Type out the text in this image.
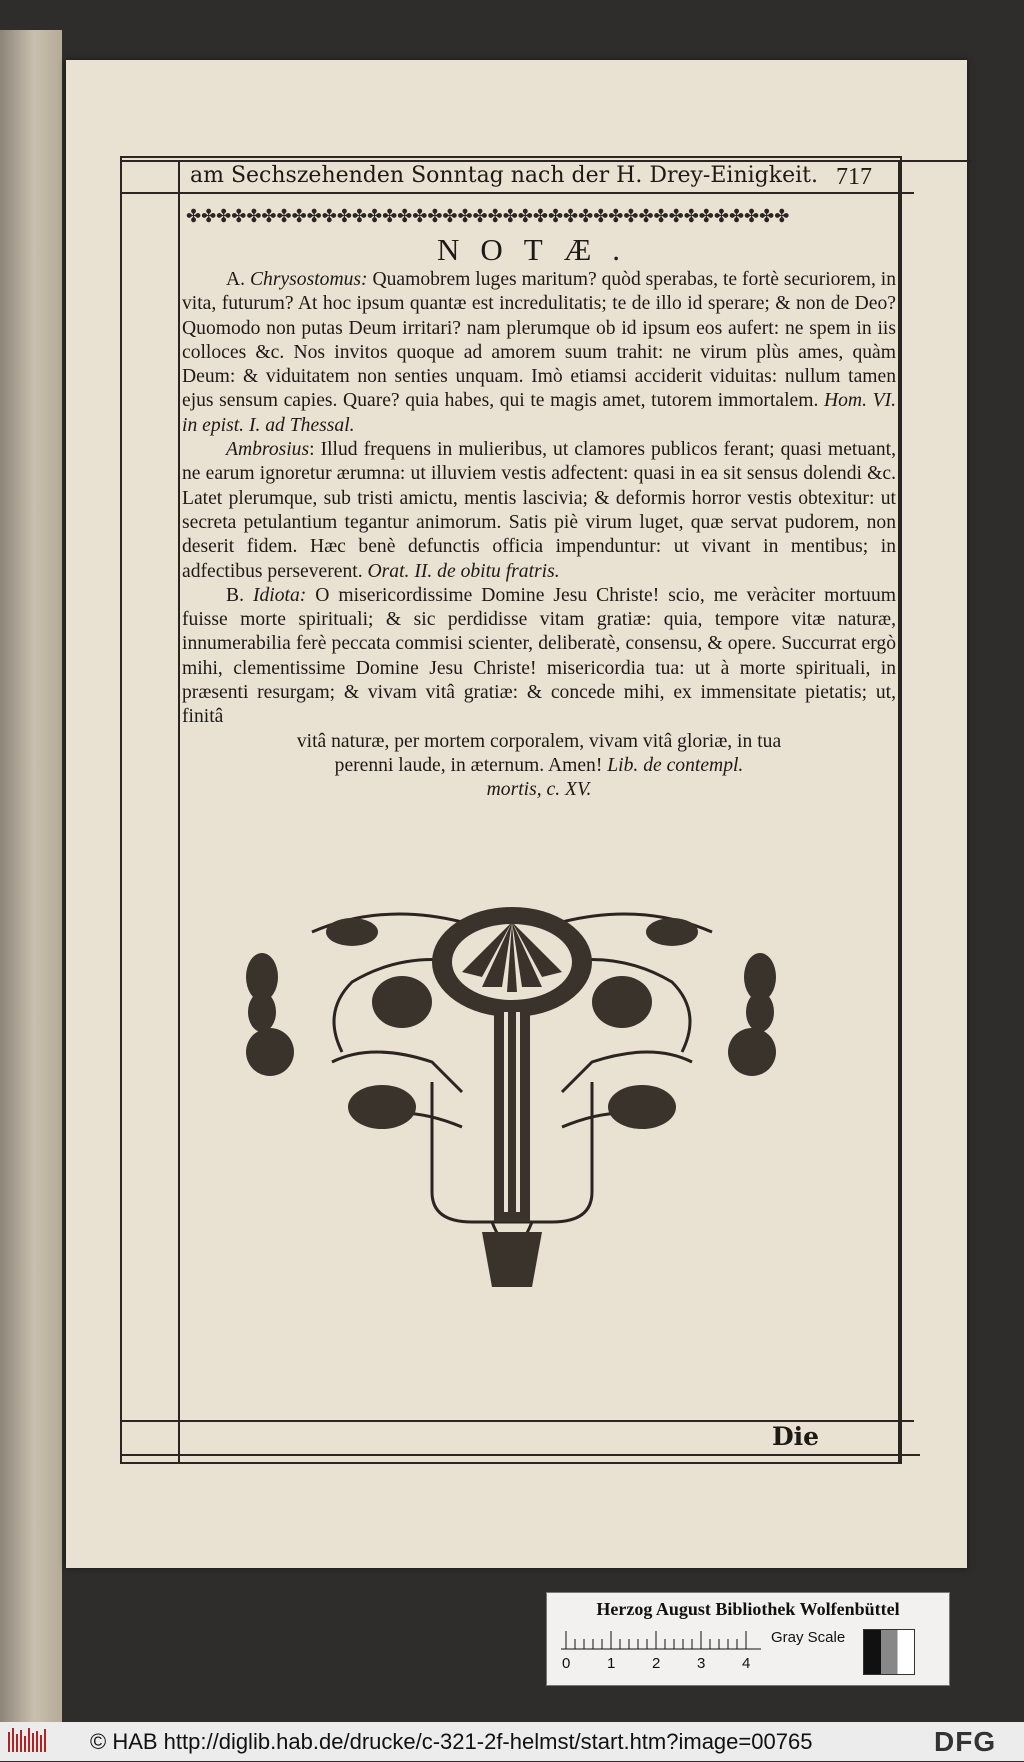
am Sechszehenden Sonntag nach der H. Drey-Einigkeit. 717
✤✤✤✤✤✤✤✤✤✤✤✤✤✤✤✤✤✤✤✤✤✤✤✤✤✤✤✤✤✤✤✤✤✤✤✤✤✤✤✤
NOTÆ.

A. Chrysostomus: Quamobrem luges maritum? quòd sperabas, te fortè securiorem, in vita, futurum? At hoc ipsum quantæ est incredulitatis; te de illo id sperare; & non de Deo? Quomodo non putas Deum irritari? nam plerumque ob id ipsum eos aufert: ne spem in iis colloces &c. Nos invitos quoque ad amorem suum trahit: ne virum plùs ames, quàm Deum: & viduitatem non senties unquam. Imò etiamsi acciderit viduitas: nullum tamen ejus sensum capies. Quare? quia habes, qui te magis amet, tutorem immortalem. Hom. VI. in epist. I. ad Thessal.

Ambrosius: Illud frequens in mulieribus, ut clamores publicos ferant; quasi metuant, ne earum ignoretur ærumna: ut illuviem vestis adfectent: quasi in ea sit sensus dolendi &c. Latet plerumque, sub tristi amictu, mentis lascivia; & deformis horror vestis obtexitur: ut secreta petulantium tegantur animorum. Satis piè virum luget, quæ servat pudorem, non deserit fidem. Hæc benè defunctis officia impenduntur: ut vivant in mentibus; in adfectibus perseverent. Orat. II. de obitu fratris.

B. Idiota: O misericordissime Domine Jesu Christe! scio, me veràciter mortuum fuisse morte spirituali; & sic perdidisse vitam gratiæ: quia, tempore vitæ naturæ, innumerabilia ferè peccata commisi scienter, deliberatè, consensu, & opere. Succurrat ergò mihi, clementissime Domine Jesu Christe! misericordia tua: ut à morte spirituali, in præsenti resurgam; & vivam vitâ gratiæ: & concede mihi, ex immensitate pietatis; ut, finitâ

vitâ naturæ, per mortem corporalem, vivam vitâ gloriæ, in tua

perenni laude, in æternum. Amen! Lib. de contempl.

mortis, c. XV.

Die
Herzog August Bibliothek Wolfenbüttel
0 1 2 3 4
Gray Scale
© HAB http://diglib.hab.de/drucke/c-321-2f-helmst/start.htm?image=00765	DFG
